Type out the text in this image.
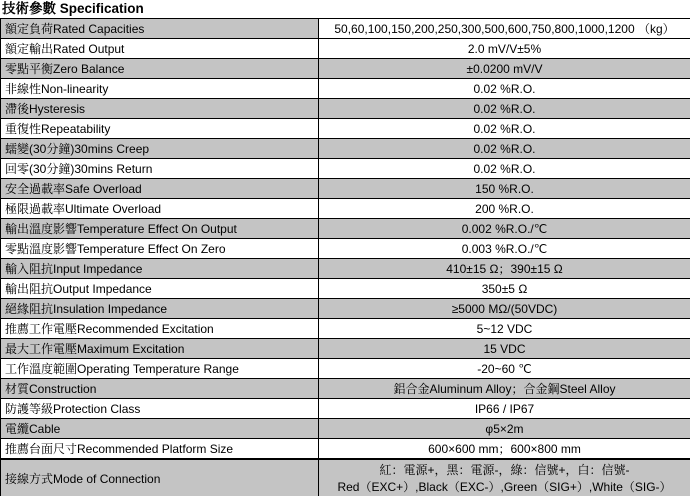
技術參數 Specification
額定負荷Rated Capacities	50,60,100,150,200,250,300,500,600,750,800,1000,1200 （kg）

額定輸出Rated Output	2.0 mV/V±5%

零點平衡Zero Balance	±0.0200 mV/V

非線性Non-linearity	0.02 %R.O.

滯後Hysteresis	0.02 %R.O.

重復性Repeatability	0.02 %R.O.

蠕變(30分鐘)30mins Creep	0.02 %R.O.

回零(30分鐘)30mins Return	0.02 %R.O.

安全過載率Safe Overload	150 %R.O.

極限過載率Ultimate Overload	200 %R.O.

輸出溫度影響Temperature Effect On Output	0.002 %R.O./℃

零點溫度影響Temperature Effect On Zero	0.003 %R.O./℃

輸入阻抗Input Impedance	410±15 Ω；390±15 Ω

輸出阻抗Output Impedance	350±5 Ω

絕緣阻抗Insulation Impedance	≥5000 MΩ/(50VDC)

推薦工作電壓Recommended Excitation	5~12 VDC

最大工作電壓Maximum Excitation	15 VDC

工作溫度範圍Operating Temperature Range	-20~60 ℃

材質Construction	鋁合金Aluminum Alloy；合金鋼Steel Alloy

防護等級Protection Class	IP66 / IP67

電纜Cable	φ5×2m

推薦台面尺寸Recommended Platform Size	600×600 mm；600×800 mm

接線方式Mode of Connection	紅：電源+，黑：電源-，綠：信號+，白：信號-
Red（EXC+）,Black（EXC-）,Green（SIG+）,White（SIG-）
